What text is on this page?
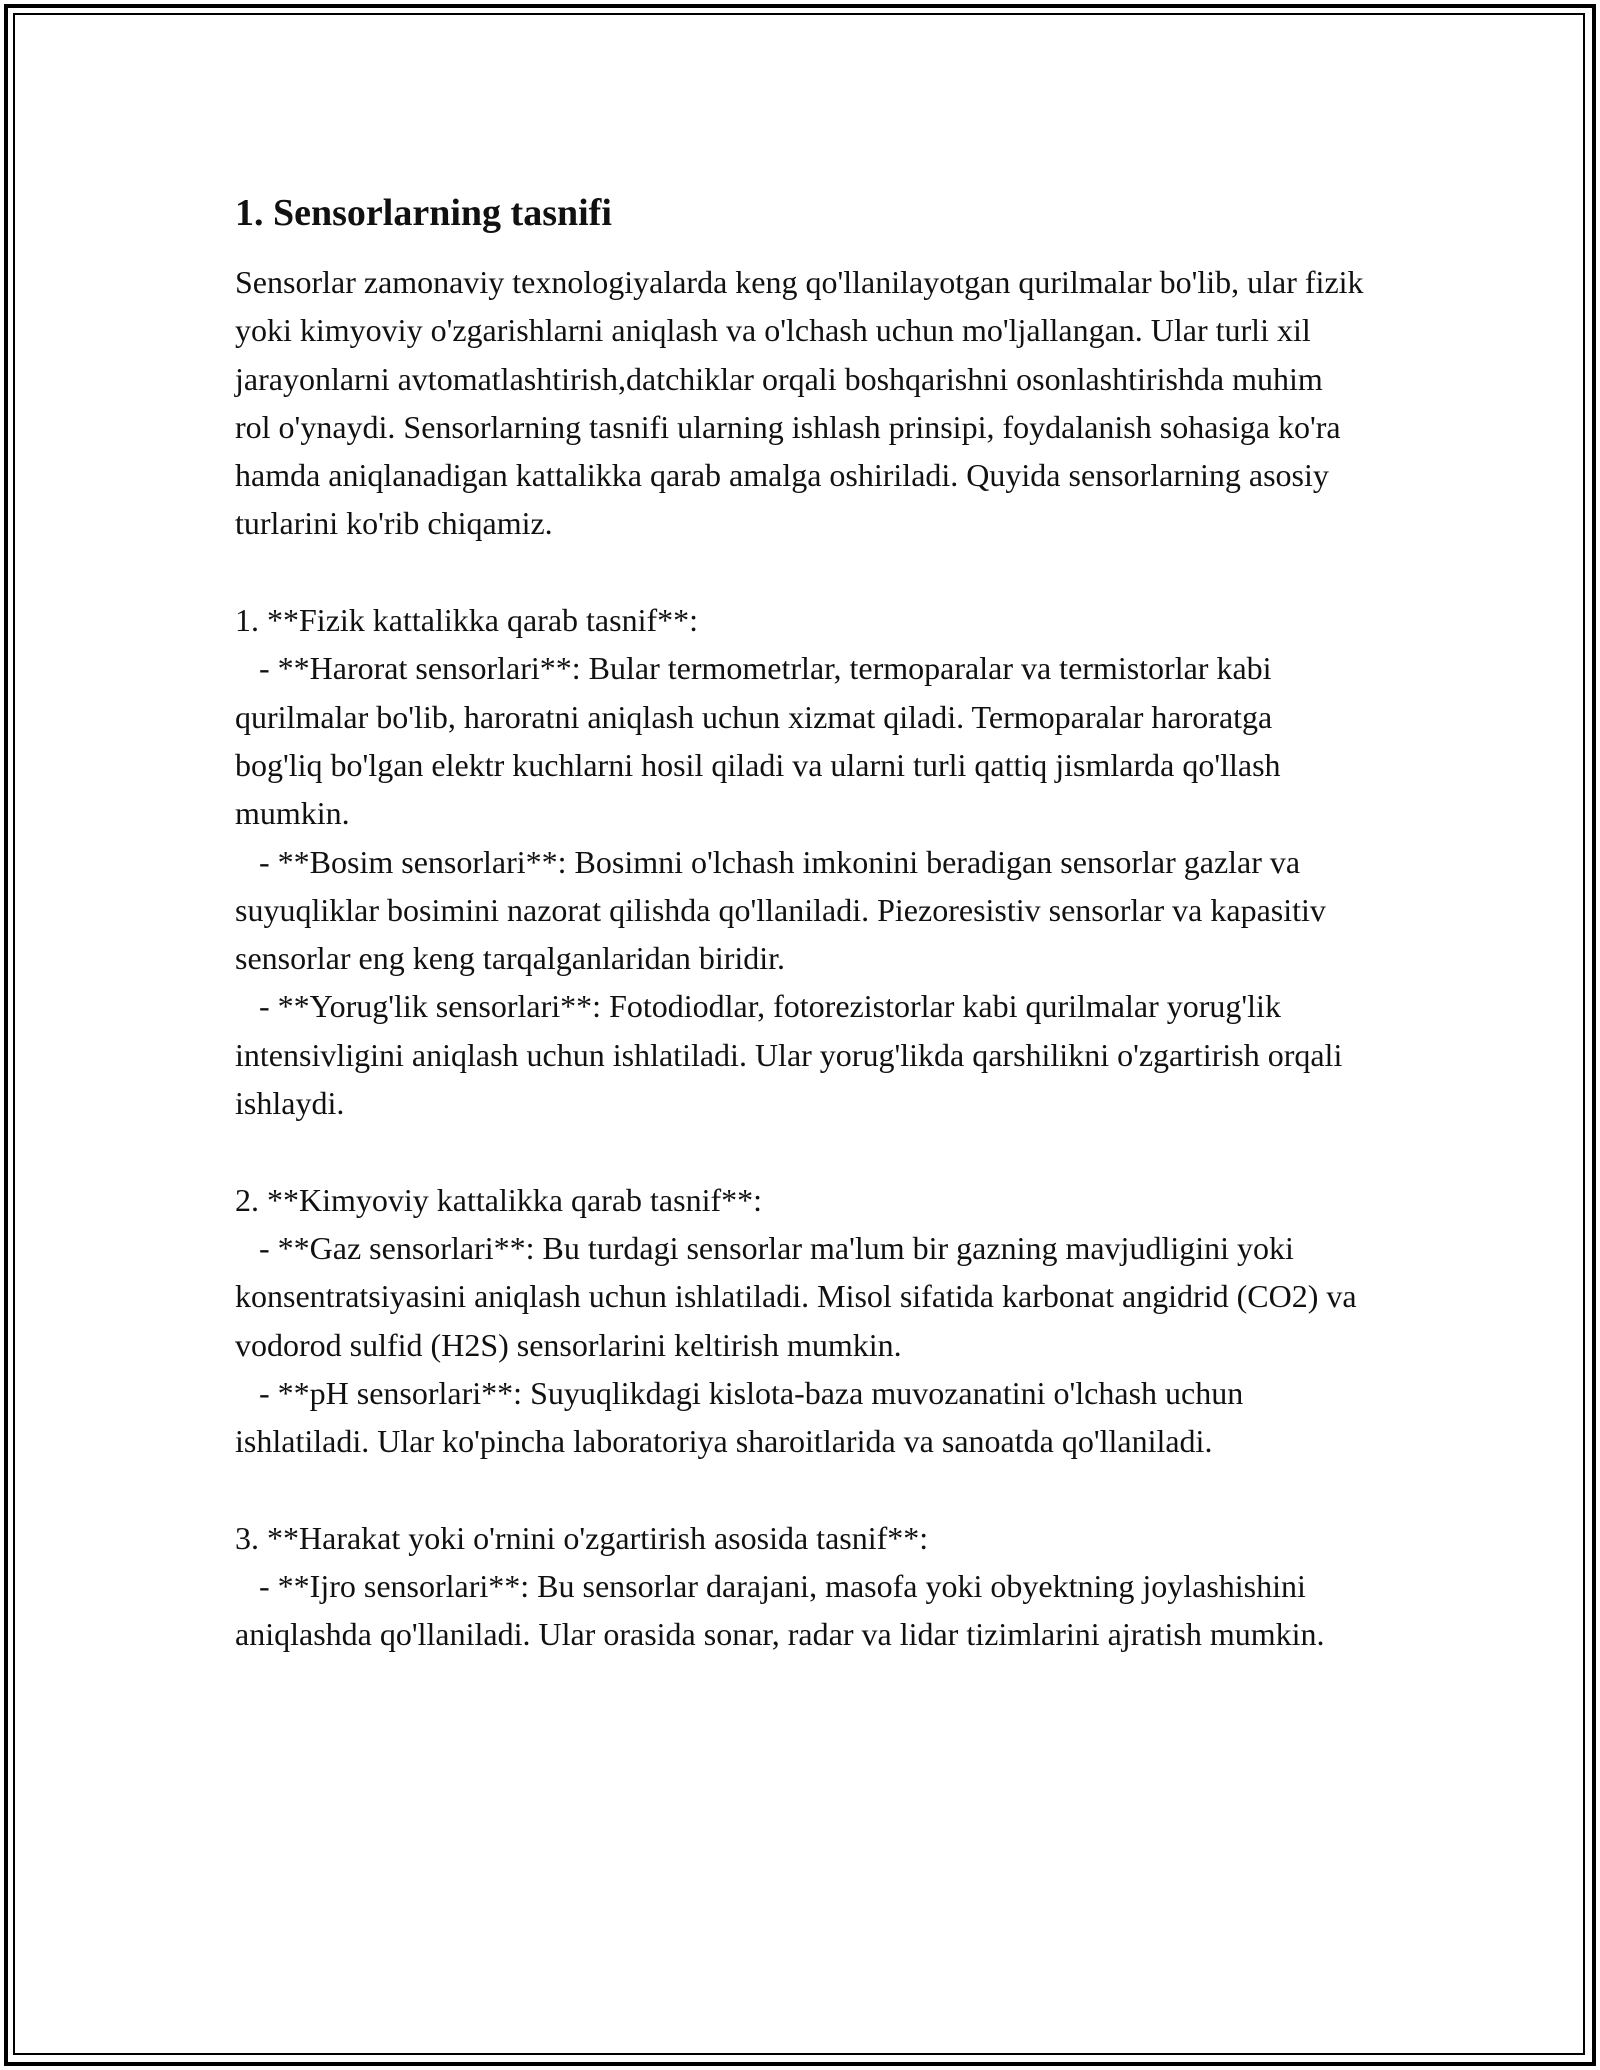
1. Sensorlarning tasnifi

Sensorlar zamonaviy texnologiyalarda keng qo'llanilayotgan qurilmalar bo'lib, ular fizik yoki kimyoviy o'zgarishlarni aniqlash va o'lchash uchun mo'ljallangan. Ular turli xil jarayonlarni avtomatlashtirish,datchiklar orqali boshqarishni osonlashtirishda muhim rol o'ynaydi. Sensorlarning tasnifi ularning ishlash prinsipi, foydalanish sohasiga ko'ra hamda aniqlanadigan kattalikka qarab amalga oshiriladi. Quyida sensorlarning asosiy turlarini ko'rib chiqamiz.

1. **Fizik kattalikka qarab tasnif**:
- **Harorat sensorlari**: Bular termometrlar, termoparalar va termistorlar kabi qurilmalar bo'lib, haroratni aniqlash uchun xizmat qiladi. Termoparalar haroratga bog'liq bo'lgan elektr kuchlarni hosil qiladi va ularni turli qattiq jismlarda qo'llash mumkin.
- **Bosim sensorlari**: Bosimni o'lchash imkonini beradigan sensorlar gazlar va suyuqliklar bosimini nazorat qilishda qo'llaniladi. Piezoresistiv sensorlar va kapasitiv sensorlar eng keng tarqalganlaridan biridir.
- **Yorug'lik sensorlari**: Fotodiodlar, fotorezistorlar kabi qurilmalar yorug'lik intensivligini aniqlash uchun ishlatiladi. Ular yorug'likda qarshilikni o'zgartirish orqali ishlaydi.

2. **Kimyoviy kattalikka qarab tasnif**:
- **Gaz sensorlari**: Bu turdagi sensorlar ma'lum bir gazning mavjudligini yoki konsentratsiyasini aniqlash uchun ishlatiladi. Misol sifatida karbonat angidrid (CO2) va vodorod sulfid (H2S) sensorlarini keltirish mumkin.
- **pH sensorlari**: Suyuqlikdagi kislota-baza muvozanatini o'lchash uchun ishlatiladi. Ular ko'pincha laboratoriya sharoitlarida va sanoatda qo'llaniladi.

3. **Harakat yoki o'rnini o'zgartirish asosida tasnif**:
- **Ijro sensorlari**: Bu sensorlar darajani, masofa yoki obyektning joylashishini aniqlashda qo'llaniladi. Ular orasida sonar, radar va lidar tizimlarini ajratish mumkin.
